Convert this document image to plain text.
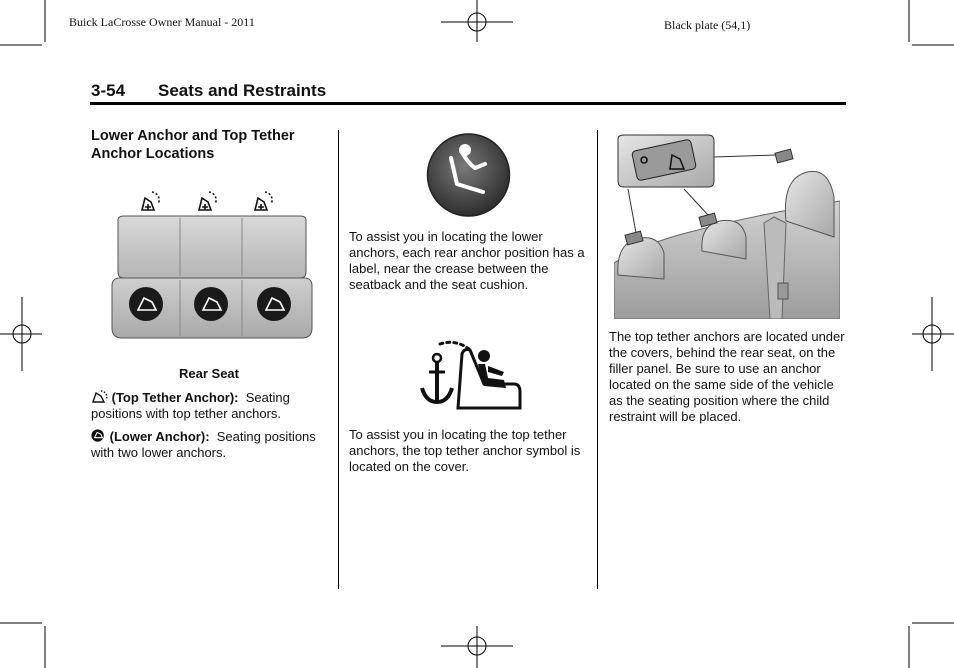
Buick LaCrosse Owner Manual - 2011	Black plate (54,1)
3-54 Seats and Restraints
Lower Anchor and Top Tether Anchor Locations
Rear Seat
(Top Tether Anchor): Seating positions with top tether anchors.
(Lower Anchor): Seating positions with two lower anchors.
To assist you in locating the lower anchors, each rear anchor position has a label, near the crease between the seatback and the seat cushion.
To assist you in locating the top tether anchors, the top tether anchor symbol is located on the cover.
The top tether anchors are located under the covers, behind the rear seat, on the filler panel. Be sure to use an anchor located on the same side of the vehicle as the seating position where the child restraint will be placed.
